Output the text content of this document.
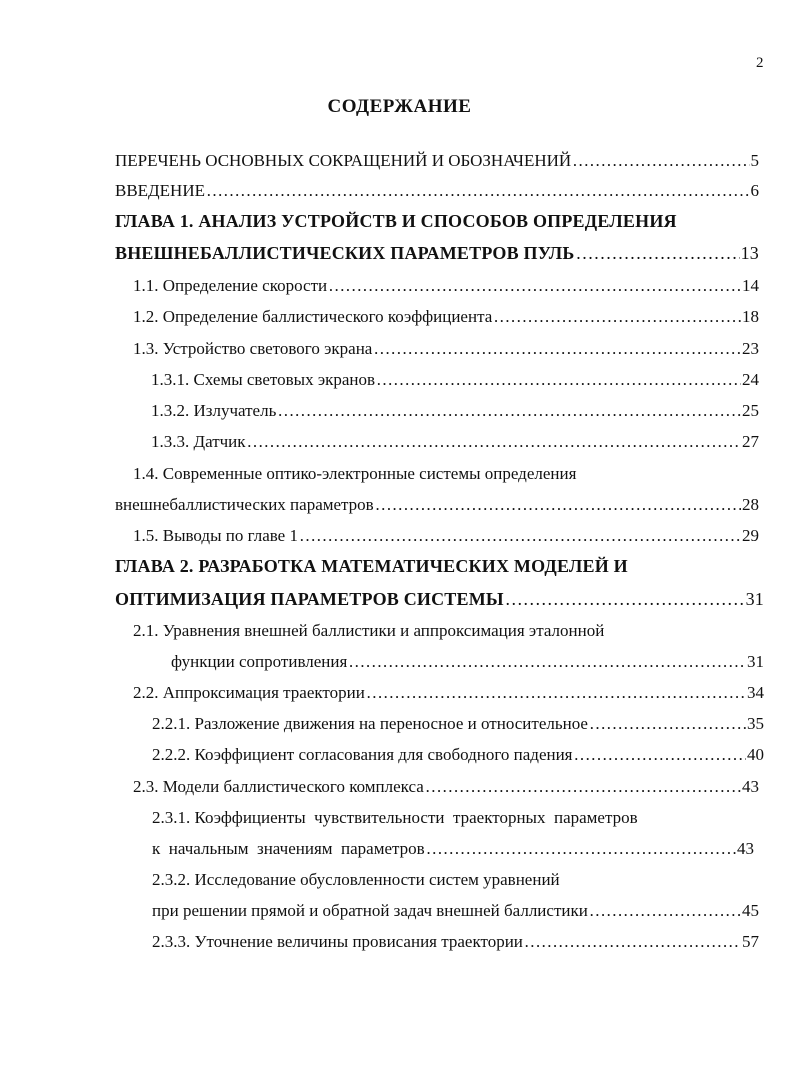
2
СОДЕРЖАНИЕ
ПЕРЕЧЕНЬ ОСНОВНЫХ СОКРАЩЕНИЙ И ОБОЗНАЧЕНИЙ ………………………………………………………………………………………………………………………………………………………………………………………………	5
ВВЕДЕНИЕ ………………………………………………………………………………………………………………………………………………………………………………………………	6
ГЛАВА 1. АНАЛИЗ УСТРОЙСТВ И СПОСОБОВ ОПРЕДЕЛЕНИЯ
ВНЕШНЕБАЛЛИСТИЧЕСКИХ ПАРАМЕТРОВ ПУЛЬ ………………………………………………………………………………………………………………………………………………………………………………………………	13
1.1. Определение скорости ………………………………………………………………………………………………………………………………………………………………………………………………	14
1.2. Определение баллистического коэффициента ………………………………………………………………………………………………………………………………………………………………………………………………	18
1.3. Устройство светового экрана ………………………………………………………………………………………………………………………………………………………………………………………………	23
1.3.1. Схемы световых экранов ………………………………………………………………………………………………………………………………………………………………………………………………	24
1.3.2. Излучатель ………………………………………………………………………………………………………………………………………………………………………………………………	25
1.3.3. Датчик ………………………………………………………………………………………………………………………………………………………………………………………………	27
1.4. Современные оптико-электронные системы определения
внешнебаллистических параметров ………………………………………………………………………………………………………………………………………………………………………………………………	28
1.5. Выводы по главе 1 ………………………………………………………………………………………………………………………………………………………………………………………………	29
ГЛАВА 2. РАЗРАБОТКА МАТЕМАТИЧЕСКИХ МОДЕЛЕЙ И
ОПТИМИЗАЦИЯ ПАРАМЕТРОВ СИСТЕМЫ ………………………………………………………………………………………………………………………………………………………………………………………………	31
2.1. Уравнения внешней баллистики и аппроксимация эталонной
функции сопротивления ………………………………………………………………………………………………………………………………………………………………………………………………	31
2.2. Аппроксимация траектории ………………………………………………………………………………………………………………………………………………………………………………………………	34
2.2.1. Разложение движения на переносное и относительное ………………………………………………………………………………………………………………………………………………………………………………………………	35
2.2.2. Коэффициент согласования для свободного падения ………………………………………………………………………………………………………………………………………………………………………………………………	40
2.3. Модели баллистического комплекса ………………………………………………………………………………………………………………………………………………………………………………………………	43
2.3.1. Коэффициенты  чувствительности  траекторных  параметров
к  начальным  значениям  параметров ………………………………………………………………………………………………………………………………………………………………………………………………	43
2.3.2. Исследование обусловленности систем уравнений
при решении прямой и обратной задач внешней баллистики ………………………………………………………………………………………………………………………………………………………………………………………………	45
2.3.3. Уточнение величины провисания траектории ………………………………………………………………………………………………………………………………………………………………………………………………	57
